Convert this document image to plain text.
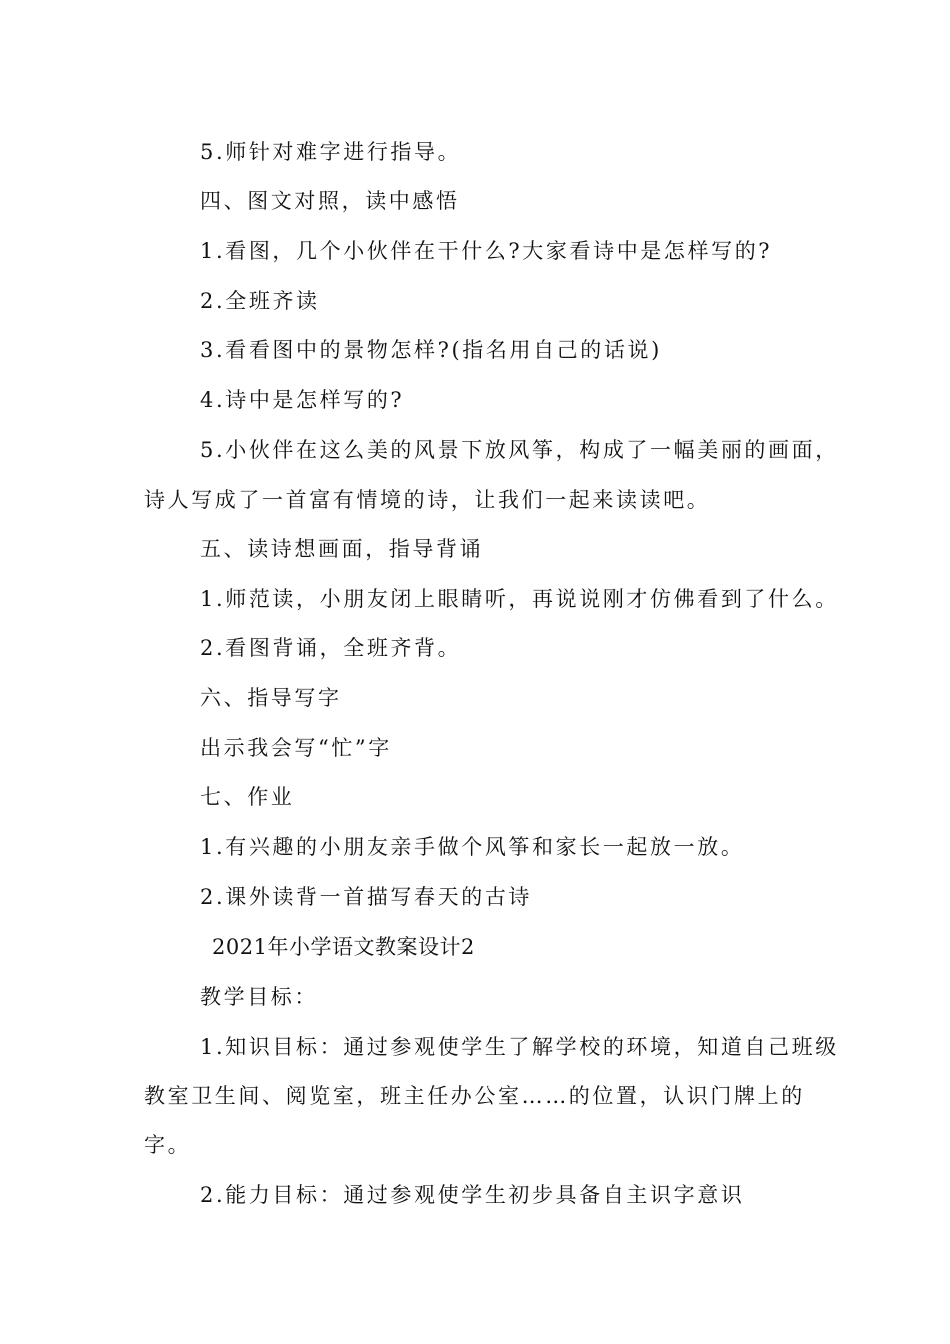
5.师针对难字进行指导。
四、图文对照，读中感悟
1.看图，几个小伙伴在干什么?大家看诗中是怎样写的?
2.全班齐读
3.看看图中的景物怎样?(指名用自己的话说)
4.诗中是怎样写的?
5.小伙伴在这么美的风景下放风筝，构成了一幅美丽的画面，
诗人写成了一首富有情境的诗，让我们一起来读读吧。
五、读诗想画面，指导背诵
1.师范读，小朋友闭上眼睛听，再说说刚才仿佛看到了什么。
2.看图背诵，全班齐背。
六、指导写字
出示我会写“忙”字
七、作业
1.有兴趣的小朋友亲手做个风筝和家长一起放一放。
2.课外读背一首描写春天的古诗
2021年小学语文教案设计2
教学目标：
1.知识目标：通过参观使学生了解学校的环境，知道自己班级
教室卫生间、阅览室，班主任办公室……的位置，认识门牌上的
字。
2.能力目标：通过参观使学生初步具备自主识字意识
